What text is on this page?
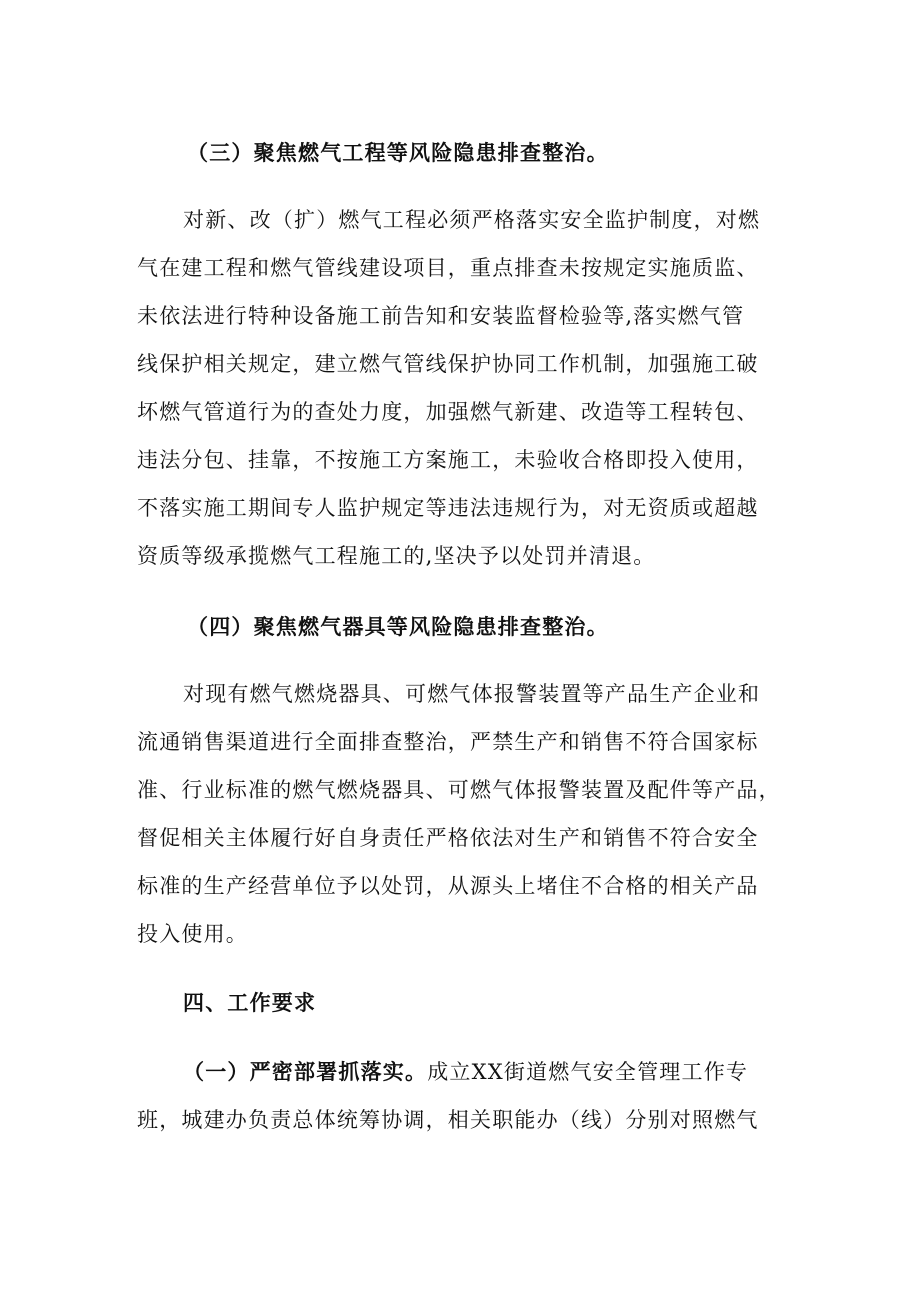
（三）聚焦燃气工程等风险隐患排查整治。
对新、改（扩）燃气工程必须严格落实安全监护制度，对燃
气在建工程和燃气管线建设项目，重点排查未按规定实施质监、
未依法进行特种设备施工前告知和安装监督检验等,落实燃气管
线保护相关规定，建立燃气管线保护协同工作机制，加强施工破
坏燃气管道行为的查处力度，加强燃气新建、改造等工程转包、
违法分包、挂靠，不按施工方案施工，未验收合格即投入使用，
不落实施工期间专人监护规定等违法违规行为，对无资质或超越
资质等级承揽燃气工程施工的,坚决予以处罚并清退。
（四）聚焦燃气器具等风险隐患排查整治。
对现有燃气燃烧器具、可燃气体报警装置等产品生产企业和
流通销售渠道进行全面排查整治，严禁生产和销售不符合国家标
准、行业标准的燃气燃烧器具、可燃气体报警装置及配件等产品，
督促相关主体履行好自身责任严格依法对生产和销售不符合安全
标准的生产经营单位予以处罚，从源头上堵住不合格的相关产品
投入使用。
四、工作要求
（一）严密部署抓落实。成立XX街道燃气安全管理工作专
班，城建办负责总体统筹协调，相关职能办（线）分别对照燃气
